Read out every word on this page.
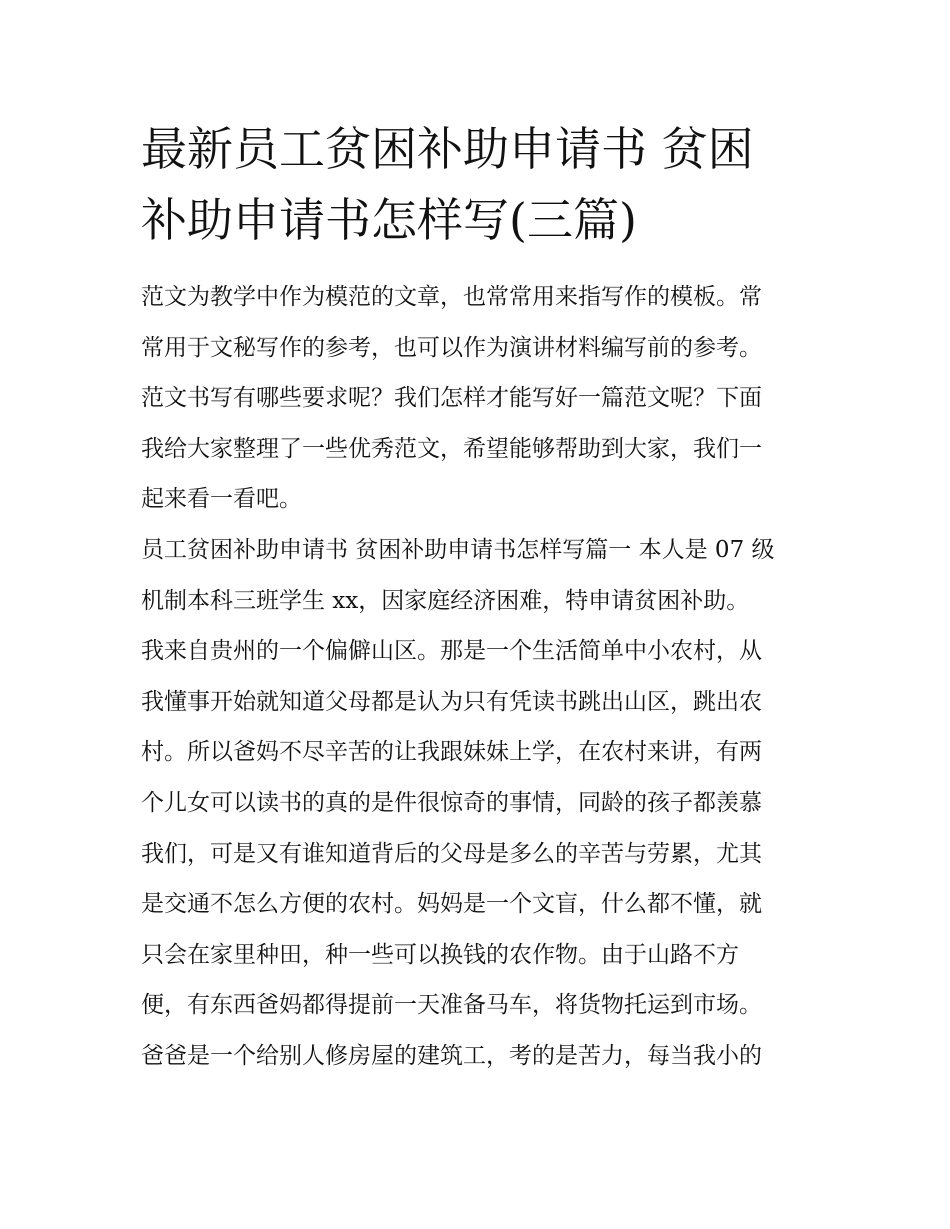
最新员工贫困补助申请书 贫困
补助申请书怎样写(三篇)
范文为教学中作为模范的文章，也常常用来指写作的模板。常
常用于文秘写作的参考，也可以作为演讲材料编写前的参考。
范文书写有哪些要求呢？我们怎样才能写好一篇范文呢？下面
我给大家整理了一些优秀范文，希望能够帮助到大家，我们一
起来看一看吧。
员工贫困补助申请书 贫困补助申请书怎样写篇一 本人是 07 级
机制本科三班学生 xx，因家庭经济困难，特申请贫困补助。
我来自贵州的一个偏僻山区。那是一个生活简单中小农村，从
我懂事开始就知道父母都是认为只有凭读书跳出山区，跳出农
村。所以爸妈不尽辛苦的让我跟妹妹上学，在农村来讲，有两
个儿女可以读书的真的是件很惊奇的事情，同龄的孩子都羡慕
我们，可是又有谁知道背后的父母是多么的辛苦与劳累，尤其
是交通不怎么方便的农村。妈妈是一个文盲，什么都不懂，就
只会在家里种田，种一些可以换钱的农作物。由于山路不方
便，有东西爸妈都得提前一天准备马车，将货物托运到市场。
爸爸是一个给别人修房屋的建筑工，考的是苦力，每当我小的
